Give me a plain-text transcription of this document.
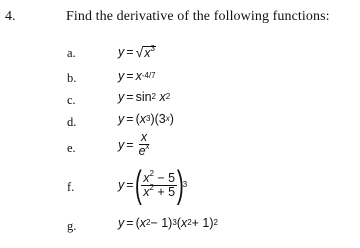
4.	Find the derivative of the following functions:
a.	y = √ $x^3$
b.	y = x -4/7
c.	y = sin 2
x 2
d.	y = ( x 3 )(3 x )
e.	$y = \frac{x}{e^x}$
f.	y = ( $\frac{x^2 - 5}{x^2 + 5}$ )
3
g.	y = ( x 2 − 1) 3 ( x 2 + 1) 2
